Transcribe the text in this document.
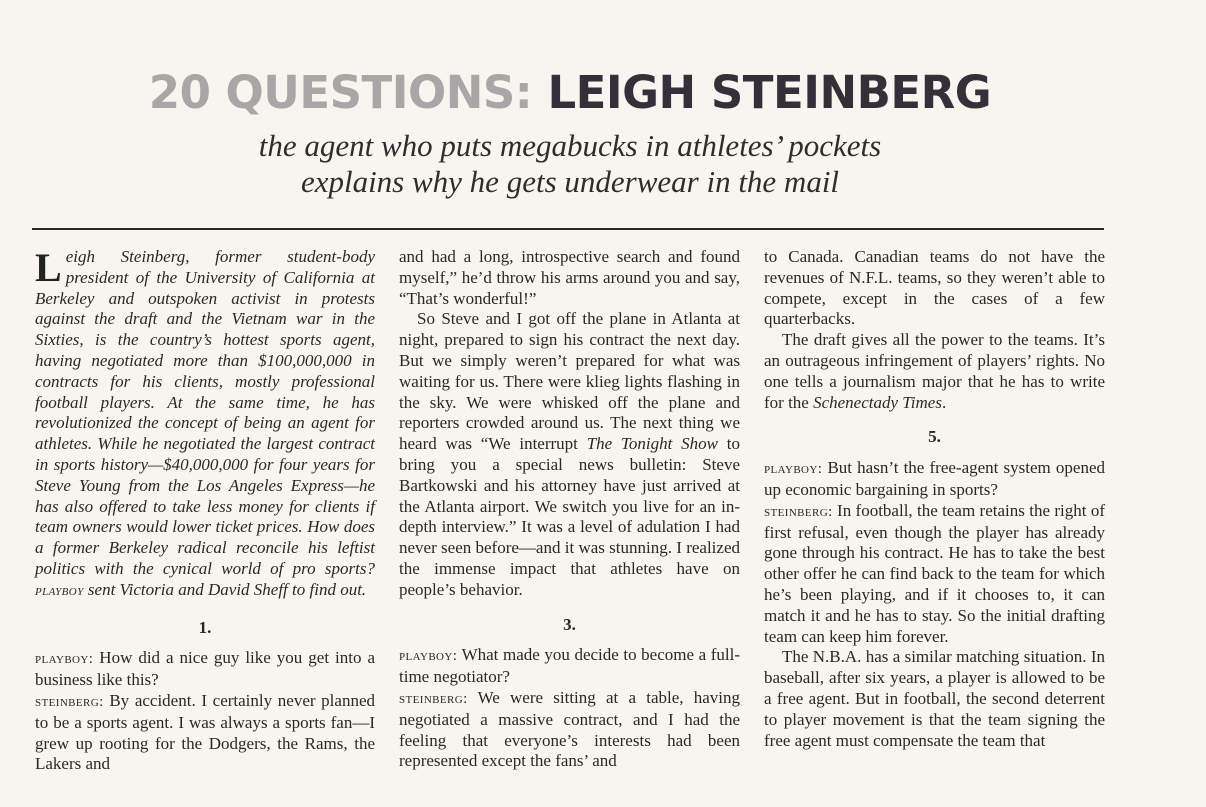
20 QUESTIONS: LEIGH STEINBERG
the agent who puts megabucks in athletes’ pockets
explains why he gets underwear in the mail

Leigh Steinberg, former student-body president of the University of California at Berkeley and outspoken activist in protests against the draft and the Vietnam war in the Sixties, is the country’s hottest sports agent, having negotiated more than $100,000,000 in contracts for his clients, mostly professional football players. At the same time, he has revolutionized the concept of being an agent for athletes. While he negotiated the largest contract in sports history—$40,000,000 for four years for Steve Young from the Los Angeles Express—he has also offered to take less money for clients if team owners would lower ticket prices. How does a former Berkeley radical reconcile his leftist politics with the cynical world of pro sports? playboy sent Victoria and David Sheff to find out.

1.

playboy: How did a nice guy like you get into a business like this?

steinberg: By accident. I certainly never planned to be a sports agent. I was always a sports fan—I grew up rooting for the Dodgers, the Rams, the Lakers and

and had a long, introspective search and found myself,” he’d throw his arms around you and say, “That’s wonderful!”

So Steve and I got off the plane in Atlanta at night, prepared to sign his contract the next day. But we simply weren’t prepared for what was waiting for us. There were klieg lights flashing in the sky. We were whisked off the plane and reporters crowded around us. The next thing we heard was “We interrupt The Tonight Show to bring you a special news bulletin: Steve Bartkowski and his attorney have just arrived at the Atlanta airport. We switch you live for an in-depth interview.” It was a level of adulation I had never seen before—and it was stunning. I realized the immense impact that athletes have on people’s behavior.

3.

playboy: What made you decide to become a full-time negotiator?

steinberg: We were sitting at a table, having negotiated a massive contract, and I had the feeling that everyone’s interests had been represented except the fans’ and

to Canada. Canadian teams do not have the revenues of N.F.L. teams, so they weren’t able to compete, except in the cases of a few quarterbacks.

The draft gives all the power to the teams. It’s an outrageous infringement of players’ rights. No one tells a journalism major that he has to write for the Schenectady Times.

5.

playboy: But hasn’t the free-agent system opened up economic bargaining in sports?

steinberg: In football, the team retains the right of first refusal, even though the player has already gone through his contract. He has to take the best other offer he can find back to the team for which he’s been playing, and if it chooses to, it can match it and he has to stay. So the initial drafting team can keep him forever.

The N.B.A. has a similar matching situation. In baseball, after six years, a player is allowed to be a free agent. But in football, the second deterrent to player movement is that the team signing the free agent must compensate the team that
